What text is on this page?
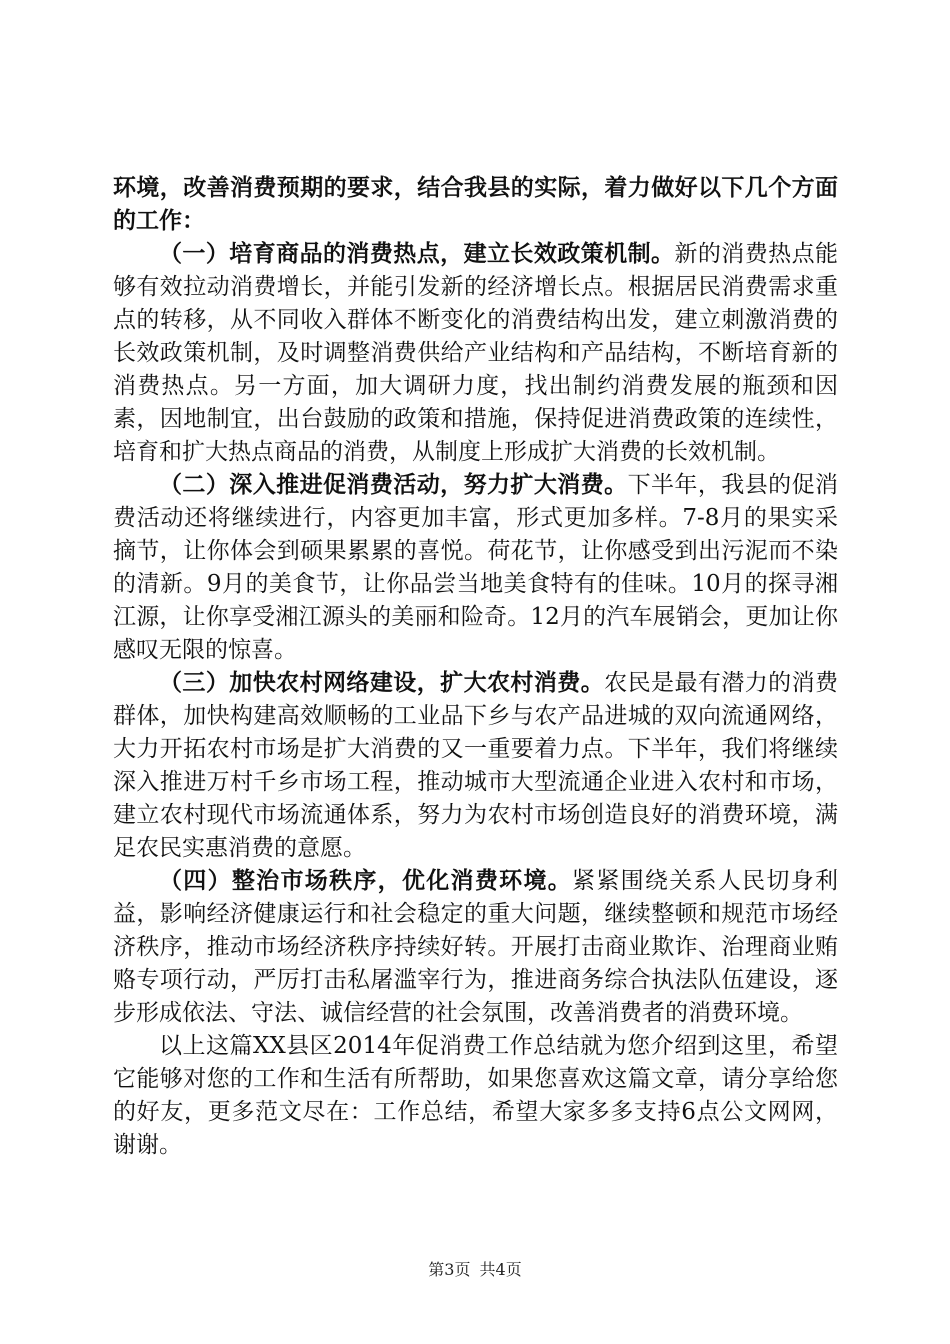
环境，改善消费预期的要求，结合我县的实际，着力做好以下几个方面的工作：

（一）培育商品的消费热点，建立长效政策机制。新的消费热点能够有效拉动消费增长，并能引发新的经济增长点。根据居民消费需求重点的转移，从不同收入群体不断变化的消费结构出发，建立刺激消费的长效政策机制，及时调整消费供给产业结构和产品结构，不断培育新的消费热点。另一方面，加大调研力度，找出制约消费发展的瓶颈和因素，因地制宜，出台鼓励的政策和措施，保持促进消费政策的连续性，培育和扩大热点商品的消费，从制度上形成扩大消费的长效机制。

（二）深入推进促消费活动，努力扩大消费。下半年，我县的促消费活动还将继续进行，内容更加丰富，形式更加多样。7-8月的果实采摘节，让你体会到硕果累累的喜悦。荷花节，让你感受到出污泥而不染的清新。9月的美食节，让你品尝当地美食特有的佳味。10月的探寻湘江源，让你享受湘江源头的美丽和险奇。12月的汽车展销会，更加让你感叹无限的惊喜。

（三）加快农村网络建设，扩大农村消费。农民是最有潜力的消费群体，加快构建高效顺畅的工业品下乡与农产品进城的双向流通网络，大力开拓农村市场是扩大消费的又一重要着力点。下半年，我们将继续深入推进万村千乡市场工程，推动城市大型流通企业进入农村和市场，建立农村现代市场流通体系，努力为农村市场创造良好的消费环境，满足农民实惠消费的意愿。

（四）整治市场秩序，优化消费环境。紧紧围绕关系人民切身利益，影响经济健康运行和社会稳定的重大问题，继续整顿和规范市场经济秩序，推动市场经济秩序持续好转。开展打击商业欺诈、治理商业贿赂专项行动，严厉打击私屠滥宰行为，推进商务综合执法队伍建设，逐步形成依法、守法、诚信经营的社会氛围，改善消费者的消费环境。

以上这篇XX县区2014年促消费工作总结就为您介绍到这里，希望它能够对您的工作和生活有所帮助，如果您喜欢这篇文章，请分享给您的好友，更多范文尽在：工作总结，希望大家多多支持6点公文网网，谢谢。

第3页 共4页
